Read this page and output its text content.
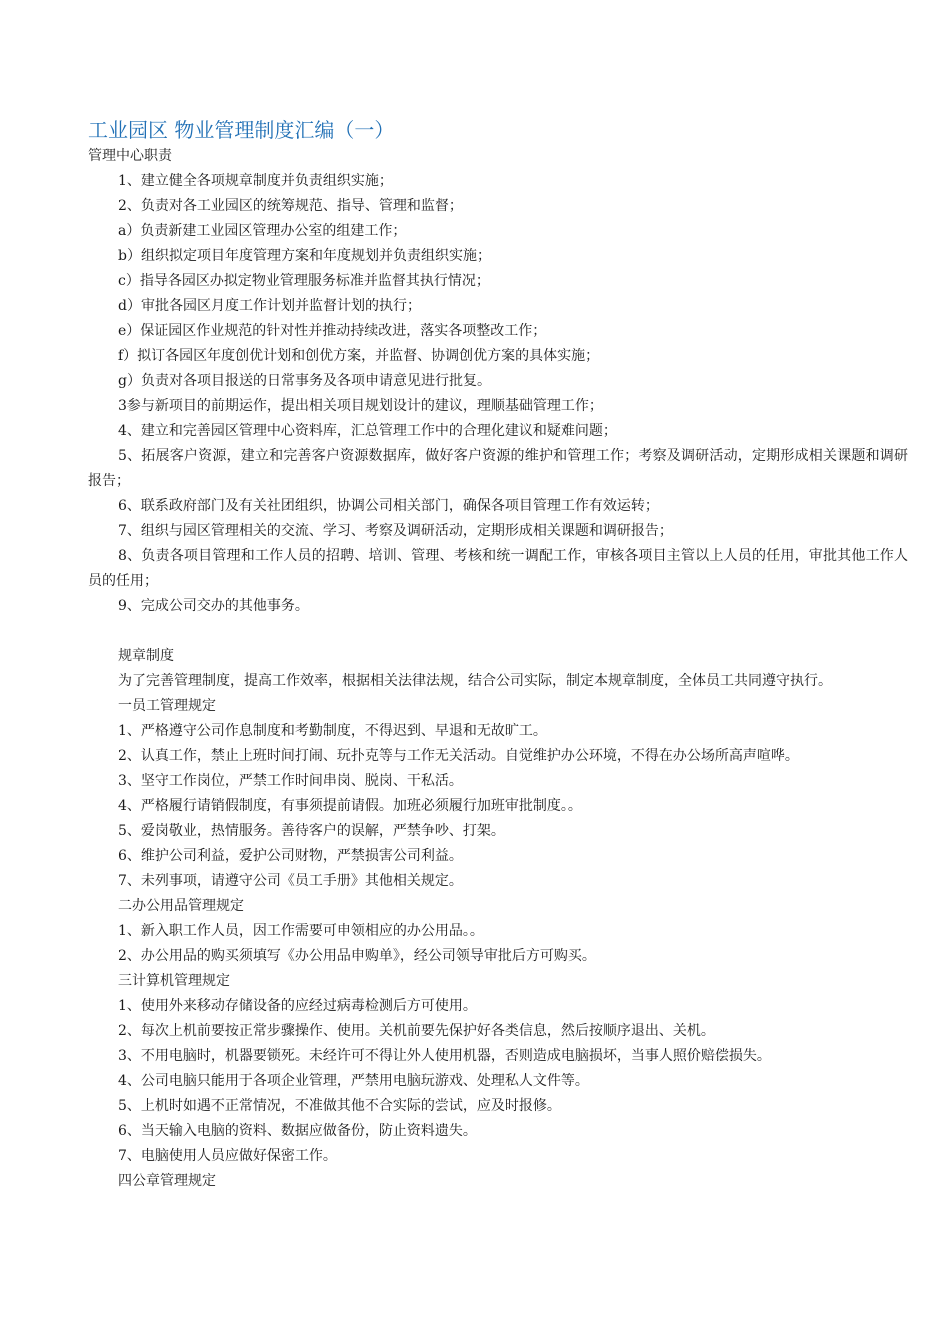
工业园区 物业管理制度汇编（一）

管理中心职责

1、建立健全各项规章制度并负责组织实施；

2、负责对各工业园区的统筹规范、指导、管理和监督；

a）负责新建工业园区管理办公室的组建工作；

b）组织拟定项目年度管理方案和年度规划并负责组织实施；

c）指导各园区办拟定物业管理服务标准并监督其执行情况；

d）审批各园区月度工作计划并监督计划的执行；

e）保证园区作业规范的针对性并推动持续改进，落实各项整改工作；

f）拟订各园区年度创优计划和创优方案，并监督、协调创优方案的具体实施；

g）负责对各项目报送的日常事务及各项申请意见进行批复。

3参与新项目的前期运作，提出相关项目规划设计的建议，理顺基础管理工作；

4、建立和完善园区管理中心资料库，汇总管理工作中的合理化建议和疑难问题；

5、拓展客户资源，建立和完善客户资源数据库，做好客户资源的维护和管理工作；考察及调研活动，定期形成相关课题和调研报告；

6、联系政府部门及有关社团组织，协调公司相关部门，确保各项目管理工作有效运转；

7、组织与园区管理相关的交流、学习、考察及调研活动，定期形成相关课题和调研报告；

8、负责各项目管理和工作人员的招聘、培训、管理、考核和统一调配工作，审核各项目主管以上人员的任用，审批其他工作人员的任用；

9、完成公司交办的其他事务。

规章制度

为了完善管理制度，提高工作效率，根据相关法律法规，结合公司实际，制定本规章制度，全体员工共同遵守执行。

一员工管理规定

1、严格遵守公司作息制度和考勤制度，不得迟到、早退和无故旷工。

2、认真工作，禁止上班时间打闹、玩扑克等与工作无关活动。自觉维护办公环境，不得在办公场所高声喧哗。

3、坚守工作岗位，严禁工作时间串岗、脱岗、干私活。

4、严格履行请销假制度，有事须提前请假。加班必须履行加班审批制度。。

5、爱岗敬业，热情服务。善待客户的误解，严禁争吵、打架。

6、维护公司利益，爱护公司财物，严禁损害公司利益。

7、未列事项，请遵守公司《员工手册》其他相关规定。

二办公用品管理规定

1、新入职工作人员，因工作需要可申领相应的办公用品。。

2、办公用品的购买须填写《办公用品申购单》，经公司领导审批后方可购买。

三计算机管理规定

1、使用外来移动存储设备的应经过病毒检测后方可使用。

2、每次上机前要按正常步骤操作、使用。关机前要先保护好各类信息，然后按顺序退出、关机。

3、不用电脑时，机器要锁死。未经许可不得让外人使用机器，否则造成电脑损坏，当事人照价赔偿损失。

4、公司电脑只能用于各项企业管理，严禁用电脑玩游戏、处理私人文件等。

5、上机时如遇不正常情况，不准做其他不合实际的尝试，应及时报修。

6、当天输入电脑的资料、数据应做备份，防止资料遗失。

7、电脑使用人员应做好保密工作。

四公章管理规定
